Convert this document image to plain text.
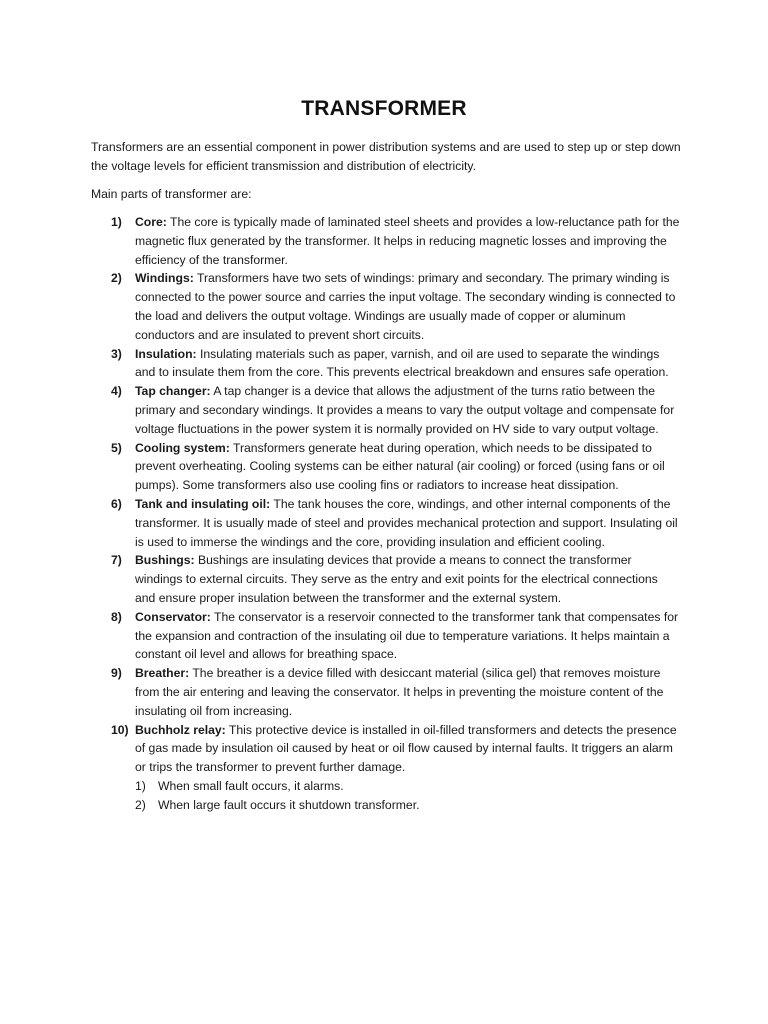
TRANSFORMER

Transformers are an essential component in power distribution systems and are used to step up or step down the voltage levels for efficient transmission and distribution of electricity.

Main parts of transformer are:

1)	Core: The core is typically made of laminated steel sheets and provides a low-reluctance path for the magnetic flux generated by the transformer. It helps in reducing magnetic losses and improving the efficiency of the transformer.
2)	Windings: Transformers have two sets of windings: primary and secondary. The primary winding is connected to the power source and carries the input voltage. The secondary winding is connected to the load and delivers the output voltage. Windings are usually made of copper or aluminum conductors and are insulated to prevent short circuits.
3)	Insulation: Insulating materials such as paper, varnish, and oil are used to separate the windings and to insulate them from the core. This prevents electrical breakdown and ensures safe operation.
4)	Tap changer: A tap changer is a device that allows the adjustment of the turns ratio between the primary and secondary windings. It provides a means to vary the output voltage and compensate for voltage fluctuations in the power system it is normally provided on HV side to vary output voltage.
5)	Cooling system: Transformers generate heat during operation, which needs to be dissipated to prevent overheating. Cooling systems can be either natural (air cooling) or forced (using fans or oil pumps). Some transformers also use cooling fins or radiators to increase heat dissipation.
6)	Tank and insulating oil: The tank houses the core, windings, and other internal components of the transformer. It is usually made of steel and provides mechanical protection and support. Insulating oil is used to immerse the windings and the core, providing insulation and efficient cooling.
7)	Bushings: Bushings are insulating devices that provide a means to connect the transformer windings to external circuits. They serve as the entry and exit points for the electrical connections and ensure proper insulation between the transformer and the external system.
8)	Conservator: The conservator is a reservoir connected to the transformer tank that compensates for the expansion and contraction of the insulating oil due to temperature variations. It helps maintain a constant oil level and allows for breathing space.
9)	Breather: The breather is a device filled with desiccant material (silica gel) that removes moisture from the air entering and leaving the conservator. It helps in preventing the moisture content of the insulating oil from increasing.
10) Buchholz relay: This protective device is installed in oil-filled transformers and detects the presence of gas made by insulation oil caused by heat or oil flow caused by internal faults. It triggers an alarm or trips the transformer to prevent further damage.
1) When small fault occurs, it alarms.
2) When large fault occurs it shutdown transformer.
